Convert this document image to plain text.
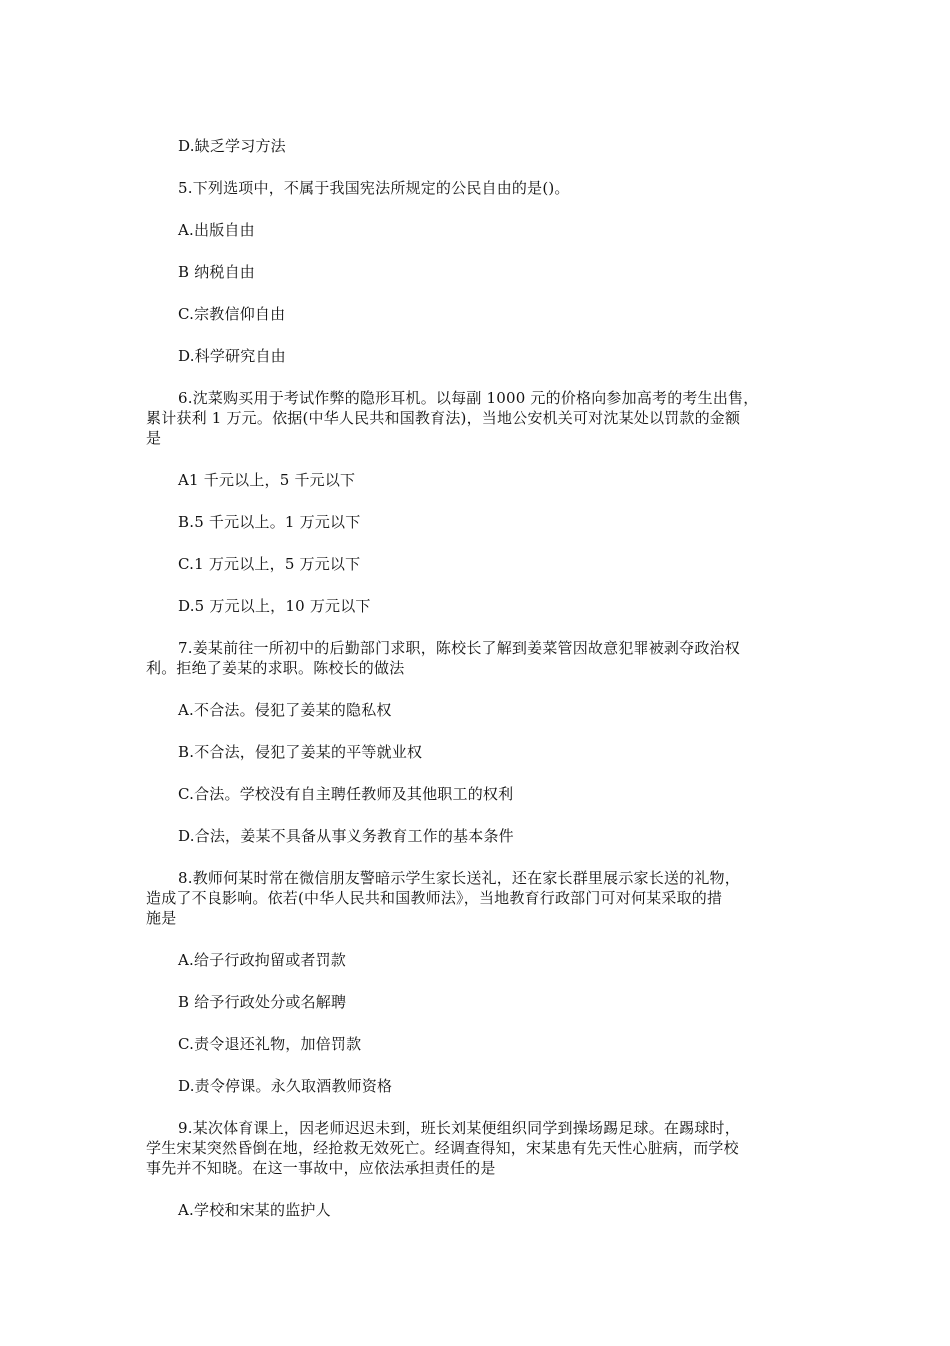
D.缺乏学习方法

5.下列选项中，不属于我国宪法所规定的公民自由的是()。

A.出版自由

B 纳税自由

C.宗教信仰自由

D.科学研究自由

6.沈菜购买用于考试作弊的隐形耳机。以每副 1000 元的价格向参加高考的考生出售，
累计获利 1 万元。依据(中华人民共和国教育法)，当地公安机关可对沈某处以罚款的金额
是

A1 千元以上，5 千元以下

B.5 千元以上。1 万元以下

C.1 万元以上，5 万元以下

D.5 万元以上，10 万元以下

7.姜某前往一所初中的后勤部门求职，陈校长了解到姜菜管因故意犯罪被剥夺政治权
利。拒绝了姜某的求职。陈校长的做法

A.不合法。侵犯了姜某的隐私权

B.不合法，侵犯了姜某的平等就业权

C.合法。学校没有自主聘任教师及其他职工的权利

D.合法，姜某不具备从事义务教育工作的基本条件

8.教师何某时常在微信朋友警暗示学生家长送礼，还在家长群里展示家长送的礼物，
造成了不良影响。依若(中华人民共和国教师法》，当地教育行政部门可对何某采取的措
施是

A.给子行政拘留或者罚款

B 给予行政处分或名解聘

C.责令退还礼物，加倍罚款

D.责令停课。永久取酒教师资格

9.某次体育课上，因老师迟迟未到，班长刘某便组织同学到操场踢足球。在踢球时，
学生宋某突然昏倒在地，经抢救无效死亡。经调查得知，宋某患有先天性心脏病，而学校
事先并不知晓。在这一事故中，应依法承担责任的是

A.学校和宋某的监护人
